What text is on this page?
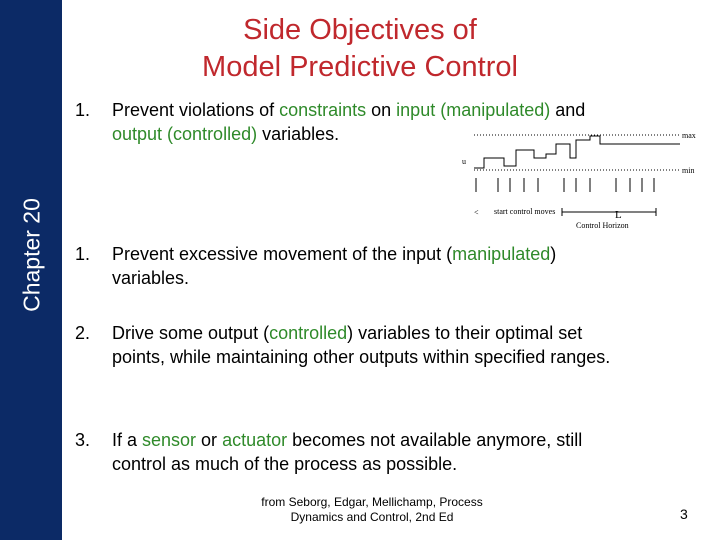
Chapter 20
Side Objectives of
Model Predictive Control
1. Prevent violations of constraints on input (manipulated) and output (controlled) variables.	max
min
u
< start control moves	L
Control Horizon
1. Prevent excessive movement of the input (manipulated) variables.
2. Drive some output (controlled) variables to their optimal set points, while maintaining other outputs within specified ranges.
3. If a sensor or actuator becomes not available anymore, still control as much of the process as possible.
from Seborg, Edgar, Mellichamp, Process
Dynamics and Control, 2nd Ed	3
